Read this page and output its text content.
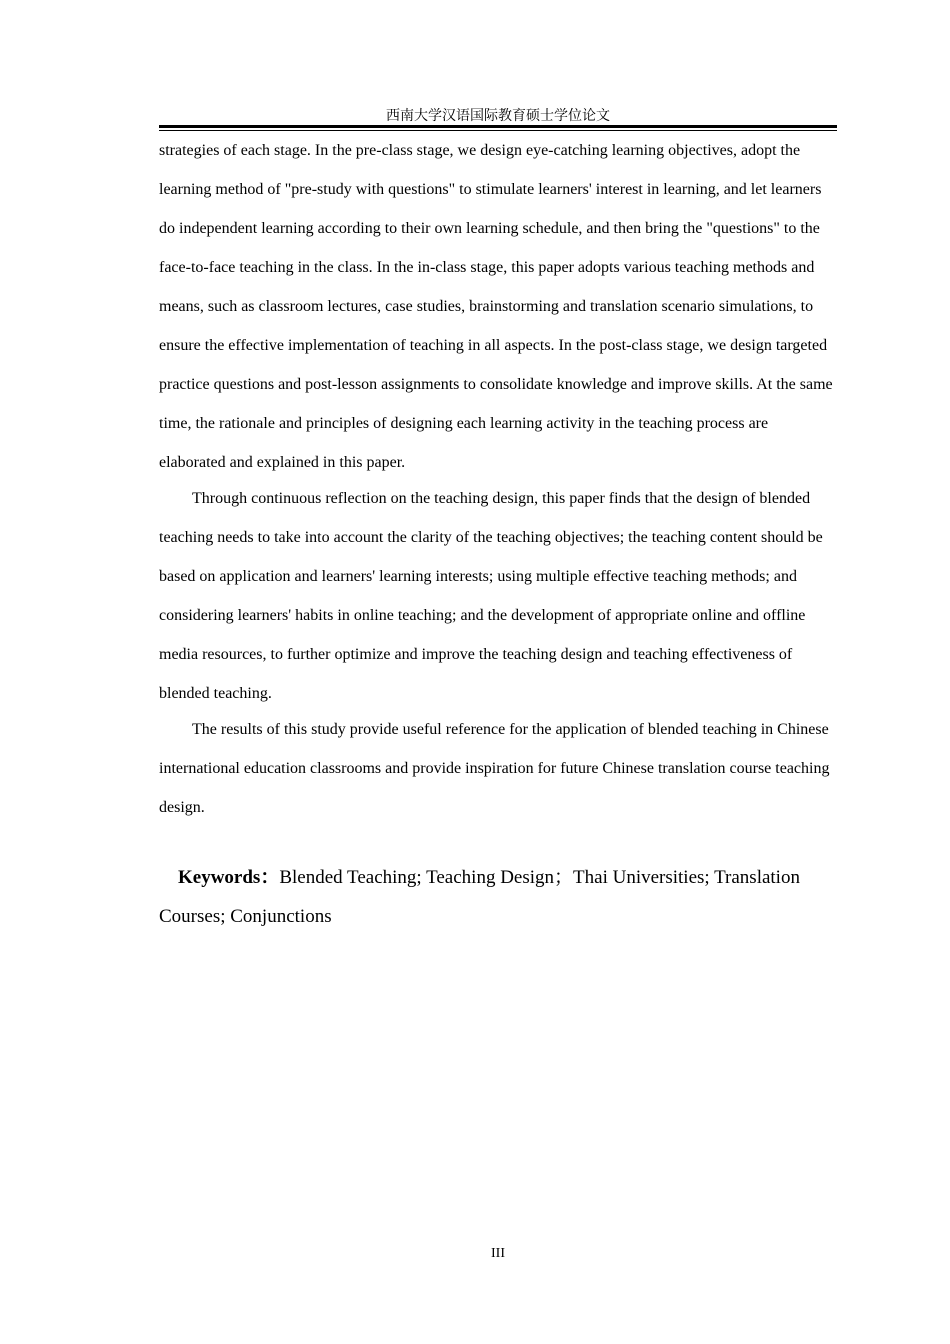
西南大学汉语国际教育硕士学位论文

strategies of each stage. In the pre-class stage, we design eye-catching learning objectives, adopt the learning method of "pre-study with questions" to stimulate learners' interest in learning, and let learners do independent learning according to their own learning schedule, and then bring the "questions" to the face-to-face teaching in the class. In the in-class stage, this paper adopts various teaching methods and means, such as classroom lectures, case studies, brainstorming and translation scenario simulations, to ensure the effective implementation of teaching in all aspects. In the post-class stage, we design targeted practice questions and post-lesson assignments to consolidate knowledge and improve skills. At the same time, the rationale and principles of designing each learning activity in the teaching process are elaborated and explained in this paper.

Through continuous reflection on the teaching design, this paper finds that the design of blended teaching needs to take into account the clarity of the teaching objectives; the teaching content should be based on application and learners' learning interests; using multiple effective teaching methods; and considering learners' habits in online teaching; and the development of appropriate online and offline media resources, to further optimize and improve the teaching design and teaching effectiveness of blended teaching.

The results of this study provide useful reference for the application of blended teaching in Chinese international education classrooms and provide inspiration for future Chinese translation course teaching design.

Keywords：Blended Teaching; Teaching Design；Thai Universities; Translation Courses; Conjunctions

III
